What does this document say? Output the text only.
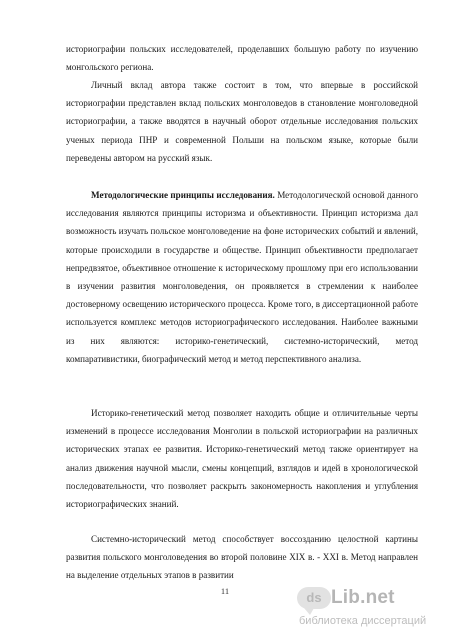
историографии польских исследователей, проделавших большую работу по изучению монгольского региона.

Личный вклад автора также состоит в том, что впервые в российской историографии представлен вклад польских монголоведов в становление монголоведной историографии, а также вводятся в научный оборот отдельные исследования польских ученых периода ПНР и современной Польши на польском языке, которые были переведены автором на русский язык.

Методологические принципы исследования. Методологической основой данного исследования являются принципы историзма и объективности. Принцип историзма дал возможность изучать польское монголоведение на фоне исторических событий и явлений, которые происходили в государстве и обществе. Принцип объективности предполагает непредвзятое, объективное отношение к историческому прошлому при его использовании в изучении развития монголоведения, он проявляется в стремлении к наиболее достоверному освещению исторического процесса. Кроме того, в диссертационной работе используется комплекс методов историографического исследования. Наиболее важными из них являются: историко-генетический, системно-исторический, метод компаративистики, биографический метод и метод перспективного анализа.

Историко-генетический метод позволяет находить общие и отличительные черты изменений в процессе исследования Монголии в польской историографии на различных исторических этапах ее развития. Историко-генетический метод также ориентирует на анализ движения научной мысли, смены концепций, взглядов и идей в хронологической последовательности, что позволяет раскрыть закономерность накопления и углубления историографических знаний.

Системно-исторический метод способствует воссозданию целостной картины развития польского монголоведения во второй половине XIX в. - XXI в. Метод направлен на выделение отдельных этапов в развитии

11	ds Lib.net
библиотека диссертаций
